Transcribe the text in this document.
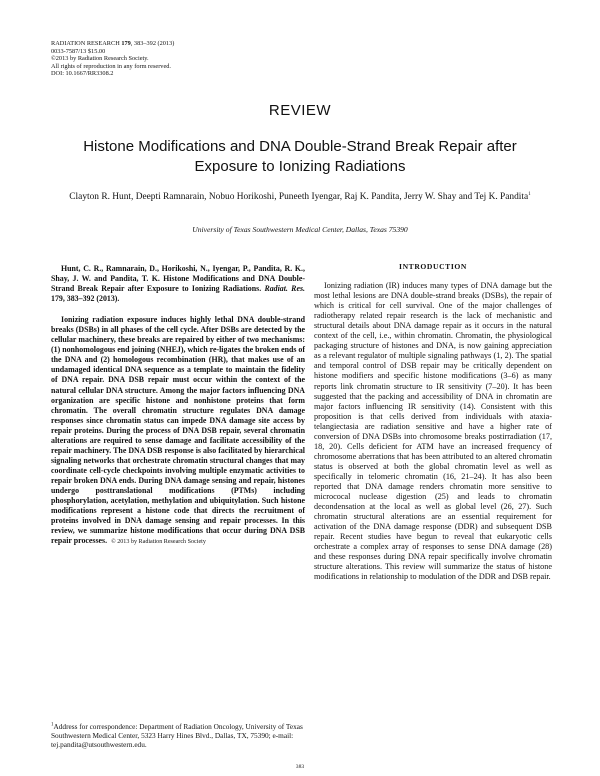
RADIATION RESEARCH 179, 383–392 (2013)
0033-7587/13 $15.00
©2013 by Radiation Research Society.
All rights of reproduction in any form reserved.
DOI: 10.1667/RR3308.2
REVIEW
Histone Modifications and DNA Double-Strand Break Repair after Exposure to Ionizing Radiations
Clayton R. Hunt, Deepti Ramnarain, Nobuo Horikoshi, Puneeth Iyengar, Raj K. Pandita, Jerry W. Shay and Tej K. Pandita$^1$
University of Texas Southwestern Medical Center, Dallas, Texas 75390
Hunt, C. R., Ramnarain, D., Horikoshi, N., Iyengar, P., Pandita, R. K., Shay, J. W. and Pandita, T. K. Histone Modifications and DNA Double-Strand Break Repair after Exposure to Ionizing Radiations. Radiat. Res. 179, 383–392 (2013).
Ionizing radiation exposure induces highly lethal DNA double-strand breaks (DSBs) in all phases of the cell cycle. After DSBs are detected by the cellular machinery, these breaks are repaired by either of two mechanisms: (1) nonhomologous end joining (NHEJ), which re-ligates the broken ends of the DNA and (2) homologous recombination (HR), that makes use of an undamaged identical DNA sequence as a template to maintain the fidelity of DNA repair. DNA DSB repair must occur within the context of the natural cellular DNA structure. Among the major factors influencing DNA organization are specific histone and nonhistone proteins that form chromatin. The overall chromatin structure regulates DNA damage responses since chromatin status can impede DNA damage site access by repair proteins. During the process of DNA DSB repair, several chromatin alterations are required to sense damage and facilitate accessibility of the repair machinery. The DNA DSB response is also facilitated by hierarchical signaling networks that orchestrate chromatin structural changes that may coordinate cell-cycle checkpoints involving multiple enzymatic activities to repair broken DNA ends. During DNA damage sensing and repair, histones undergo posttranslational modifications (PTMs) including phosphorylation, acetylation, methylation and ubiquitylation. Such histone modifications represent a histone code that directs the recruitment of proteins involved in DNA damage sensing and repair processes. In this review, we summarize histone modifications that occur during DNA DSB repair processes. © 2013 by Radiation Research Society
INTRODUCTION
Ionizing radiation (IR) induces many types of DNA damage but the most lethal lesions are DNA double-strand breaks (DSBs), the repair of which is critical for cell survival. One of the major challenges of radiotherapy related repair research is the lack of mechanistic and structural details about DNA damage repair as it occurs in the natural context of the cell, i.e., within chromatin. Chromatin, the physiological packaging structure of histones and DNA, is now gaining appreciation as a relevant regulator of multiple signaling pathways (1, 2). The spatial and temporal control of DSB repair may be critically dependent on histone modifiers and specific histone modifications (3–6) as many reports link chromatin structure to IR sensitivity (7–20). It has been suggested that the packing and accessibility of DNA in chromatin are major factors influencing IR sensitivity (14). Consistent with this proposition is that cells derived from individuals with ataxia-telangiectasia are radiation sensitive and have a higher rate of conversion of DNA DSBs into chromosome breaks postirradiation (17, 18, 20). Cells deficient for ATM have an increased frequency of chromosome aberrations that has been attributed to an altered chromatin status is observed at both the global chromatin level as well as specifically in telomeric chromatin (16, 21–24). It has also been reported that DNA damage renders chromatin more sensitive to micrococal nuclease digestion (25) and leads to chromatin decondensation at the local as well as global level (26, 27). Such chromatin structural alterations are an essential requirement for activation of the DNA damage response (DDR) and subsequent DSB repair. Recent studies have begun to reveal that eukaryotic cells orchestrate a complex array of responses to sense DNA damage (28) and these responses during DNA repair specifically involve chromatin structure alterations. This review will summarize the status of histone modifications in relationship to modulation of the DDR and DSB repair.
$^1$Address for correspondence: Department of Radiation Oncology, University of Texas Southwestern Medical Center, 5323 Harry Hines Blvd., Dallas, TX, 75390; e-mail: tej.pandita@utsouthwestern.edu.
383
